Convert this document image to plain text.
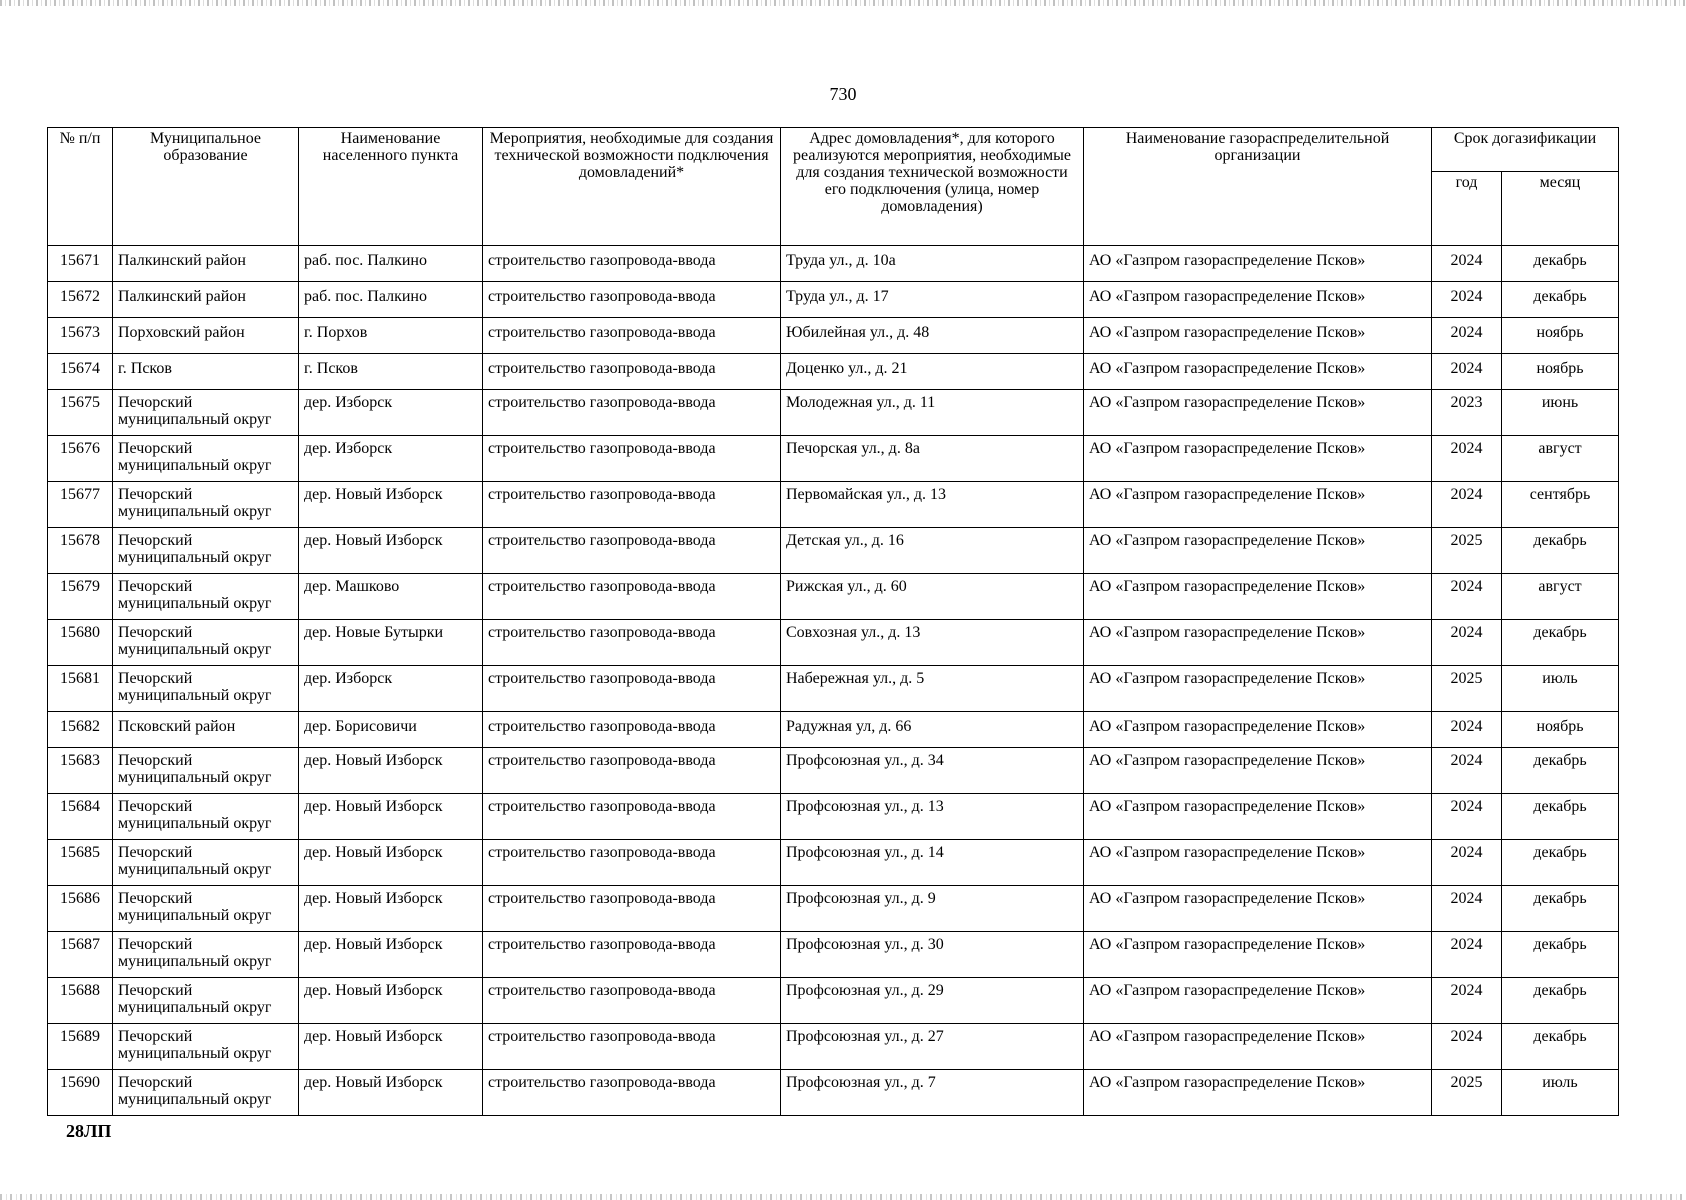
730
№ п/п	Муниципальное образование	Наименование населенного пункта	Мероприятия, необходимые для создания технической возможности подключения домовладений*	Адрес домовладения*, для которого реализуются мероприятия, необходимые для создания технической возможности его подключения (улица, номер домовладения)	Наименование газораспределительной организации	Срок догазификации	
						год	месяц
15671	Палкинский район	раб. пос. Палкино	строительство газопровода-ввода	Труда ул., д. 10а	АО «Газпром газораспределение Псков»	2024	декабрь
15672	Палкинский район	раб. пос. Палкино	строительство газопровода-ввода	Труда ул., д. 17	АО «Газпром газораспределение Псков»	2024	декабрь
15673	Порховский район	г. Порхов	строительство газопровода-ввода	Юбилейная ул., д. 48	АО «Газпром газораспределение Псков»	2024	ноябрь
15674	г. Псков	г. Псков	строительство газопровода-ввода	Доценко ул., д. 21	АО «Газпром газораспределение Псков»	2024	ноябрь
15675	Печорский муниципальный округ	дер. Изборск	строительство газопровода-ввода	Молодежная ул., д. 11	АО «Газпром газораспределение Псков»	2023	июнь
15676	Печорский муниципальный округ	дер. Изборск	строительство газопровода-ввода	Печорская ул., д. 8а	АО «Газпром газораспределение Псков»	2024	август
15677	Печорский муниципальный округ	дер. Новый Изборск	строительство газопровода-ввода	Первомайская ул., д. 13	АО «Газпром газораспределение Псков»	2024	сентябрь
15678	Печорский муниципальный округ	дер. Новый Изборск	строительство газопровода-ввода	Детская ул., д. 16	АО «Газпром газораспределение Псков»	2025	декабрь
15679	Печорский муниципальный округ	дер. Машково	строительство газопровода-ввода	Рижская ул., д. 60	АО «Газпром газораспределение Псков»	2024	август
15680	Печорский муниципальный округ	дер. Новые Бутырки	строительство газопровода-ввода	Совхозная ул., д. 13	АО «Газпром газораспределение Псков»	2024	декабрь
15681	Печорский муниципальный округ	дер. Изборск	строительство газопровода-ввода	Набережная ул., д. 5	АО «Газпром газораспределение Псков»	2025	июль
15682	Псковский район	дер. Борисовичи	строительство газопровода-ввода	Радужная ул, д. 66	АО «Газпром газораспределение Псков»	2024	ноябрь
15683	Печорский муниципальный округ	дер. Новый Изборск	строительство газопровода-ввода	Профсоюзная ул., д. 34	АО «Газпром газораспределение Псков»	2024	декабрь
15684	Печорский муниципальный округ	дер. Новый Изборск	строительство газопровода-ввода	Профсоюзная ул., д. 13	АО «Газпром газораспределение Псков»	2024	декабрь
15685	Печорский муниципальный округ	дер. Новый Изборск	строительство газопровода-ввода	Профсоюзная ул., д. 14	АО «Газпром газораспределение Псков»	2024	декабрь
15686	Печорский муниципальный округ	дер. Новый Изборск	строительство газопровода-ввода	Профсоюзная ул., д. 9	АО «Газпром газораспределение Псков»	2024	декабрь
15687	Печорский муниципальный округ	дер. Новый Изборск	строительство газопровода-ввода	Профсоюзная ул., д. 30	АО «Газпром газораспределение Псков»	2024	декабрь
15688	Печорский муниципальный округ	дер. Новый Изборск	строительство газопровода-ввода	Профсоюзная ул., д. 29	АО «Газпром газораспределение Псков»	2024	декабрь
15689	Печорский муниципальный округ	дер. Новый Изборск	строительство газопровода-ввода	Профсоюзная ул., д. 27	АО «Газпром газораспределение Псков»	2024	декабрь
15690	Печорский муниципальный округ	дер. Новый Изборск	строительство газопровода-ввода	Профсоюзная ул., д. 7	АО «Газпром газораспределение Псков»	2025	июль
28ЛП
